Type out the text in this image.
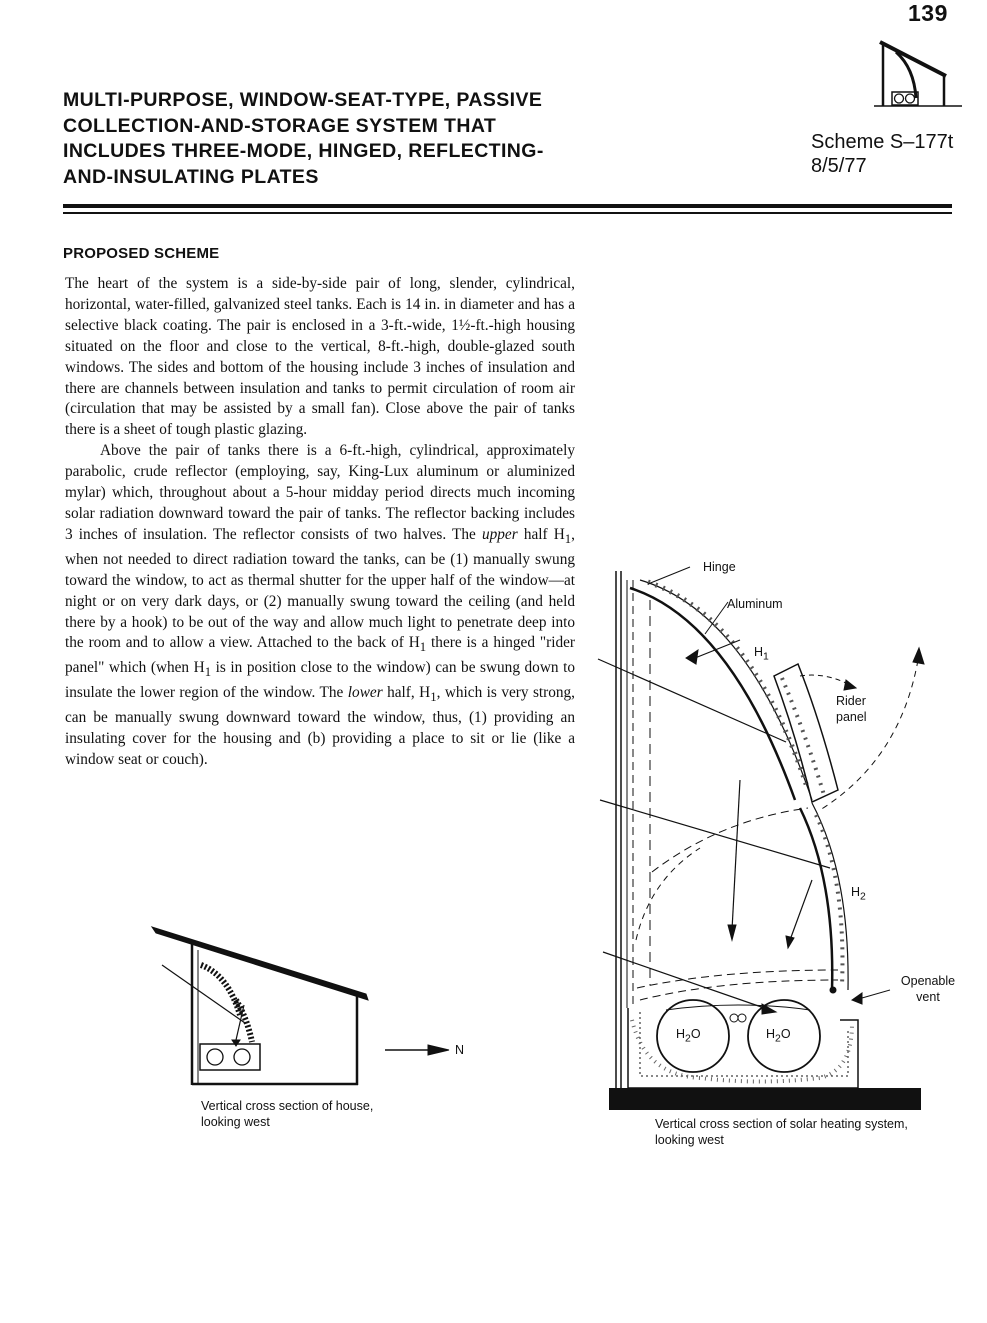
139
MULTI-PURPOSE, WINDOW-SEAT-TYPE, PASSIVE
COLLECTION-AND-STORAGE SYSTEM THAT
INCLUDES THREE-MODE, HINGED, REFLECTING-
AND-INSULATING PLATES
Scheme S–177t
8/5/77
PROPOSED SCHEME

The heart of the system is a side-by-side pair of long, slender, cylindrical, horizontal, water-filled, galvanized steel tanks. Each is 14 in. in diameter and has a selective black coating. The pair is enclosed in a 3-ft.-wide, 1½-ft.-high housing situated on the floor and close to the vertical, 8-ft.-high, double-glazed south windows. The sides and bottom of the housing include 3 inches of insulation and there are channels between insulation and tanks to permit circulation of room air (circulation that may be assisted by a small fan). Close above the pair of tanks there is a sheet of tough plastic glazing.

Above the pair of tanks there is a 6-ft.-high, cylindrical, approximately parabolic, crude reflector (employing, say, King-Lux aluminum or aluminized mylar) which, throughout about a 5-hour midday period directs much incoming solar radiation downward toward the pair of tanks. The reflector backing includes 3 inches of insulation. The reflector consists of two halves. The upper half $H_1$, when not needed to direct radiation toward the tanks, can be (1) manually swung toward the window, to act as thermal shutter for the upper half of the window—at night or on very dark days, or (2) manually swung toward the ceiling (and held there by a hook) to be out of the way and allow much light to penetrate deep into the room and to allow a view. Attached to the back of $H_1$ there is a hinged "rider panel" which (when $H_1$ is in position close to the window) can be swung down to insulate the lower region of the window. The lower half, $H_1$, which is very strong, can be manually swung downward toward the window, thus, (1) providing an insulating cover for the housing and (b) providing a place to sit or lie (like a window seat or couch).

Hinge
Aluminum
$H_1$
Rider panel
$H_2$
Openable vent
$H_2O$	$H_2O$
N
Vertical cross section of house, looking west	Vertical cross section of solar heating system, looking west
